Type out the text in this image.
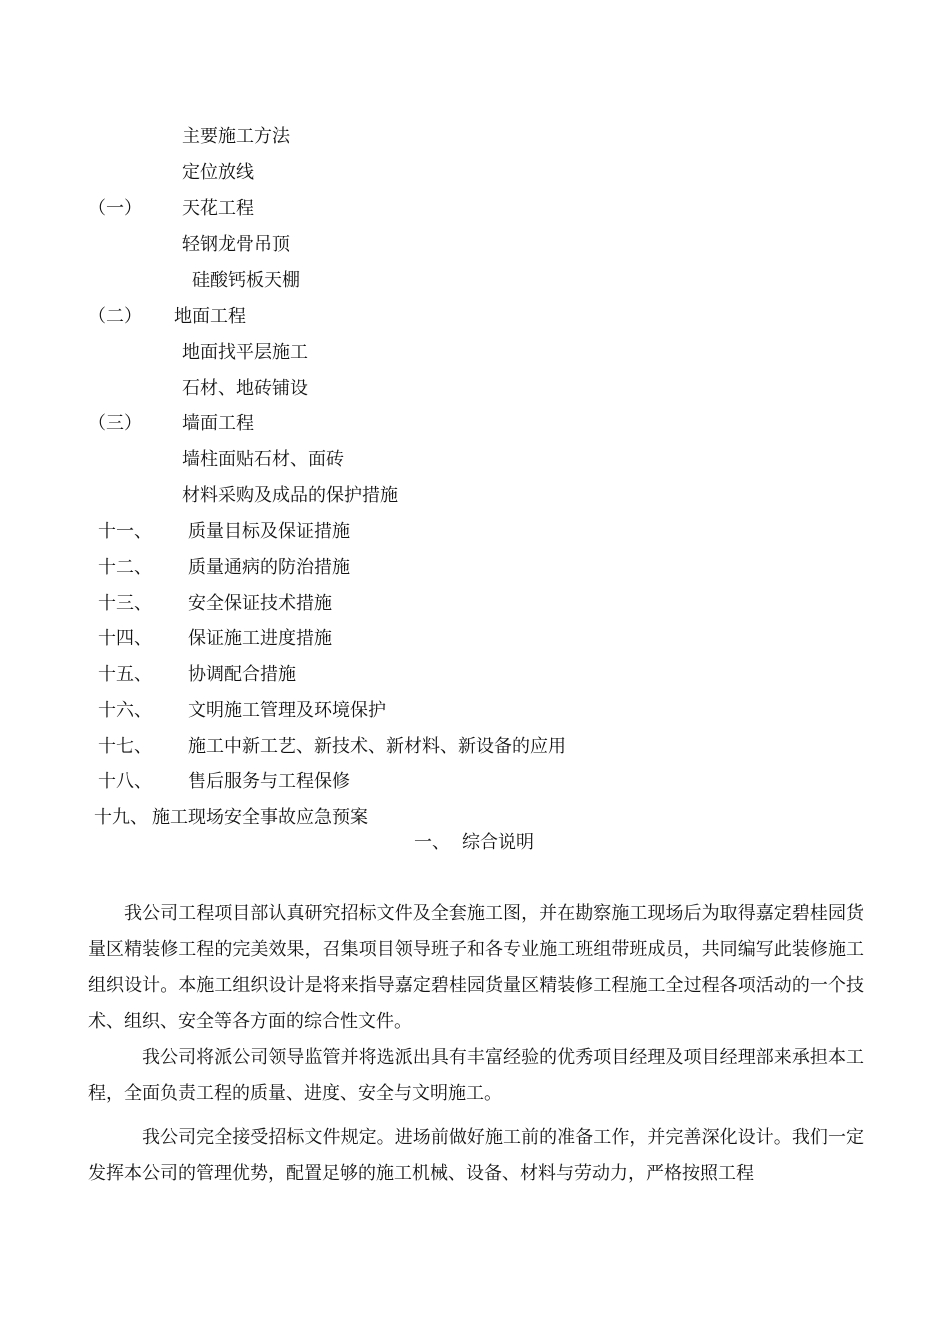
主要施工方法
定位放线
（一） 天花工程
轻钢龙骨吊顶
硅酸钙板天棚
（二） 地面工程
地面找平层施工
石材、地砖铺设
（三） 墙面工程
墙柱面贴石材、面砖
材料采购及成品的保护措施
十一、 质量目标及保证措施
十二、 质量通病的防治措施
十三、 安全保证技术措施
十四、 保证施工进度措施
十五、 协调配合措施
十六、 文明施工管理及环境保护
十七、 施工中新工艺、新技术、新材料、新设备的应用
十八、 售后服务与工程保修
十九、 施工现场安全事故应急预案
一、 综合说明

我公司工程项目部认真研究招标文件及全套施工图，并在勘察施工现场后为取得嘉定碧桂园货量区精装修工程的完美效果，召集项目领导班子和各专业施工班组带班成员，共同编写此装修施工组织设计。本施工组织设计是将来指导嘉定碧桂园货量区精装修工程施工全过程各项活动的一个技术、组织、安全等各方面的综合性文件。

我公司将派公司领导监管并将选派出具有丰富经验的优秀项目经理及项目经理部来承担本工程，全面负责工程的质量、进度、安全与文明施工。

我公司完全接受招标文件规定。进场前做好施工前的准备工作，并完善深化设计。我们一定发挥本公司的管理优势，配置足够的施工机械、设备、材料与劳动力，严格按照工程
